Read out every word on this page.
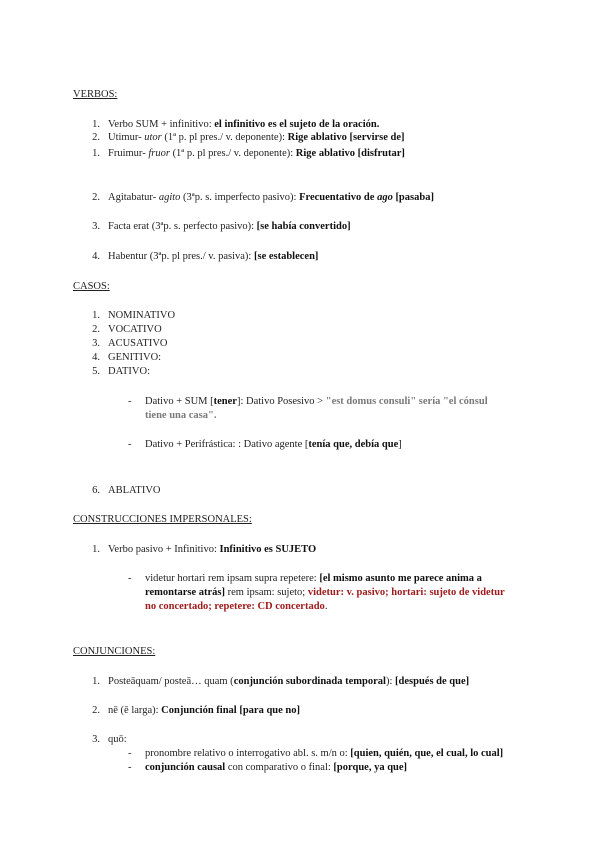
VERBOS:
1. Verbo SUM + infinitivo: el infinitivo es el sujeto de la oración.
2. Utimur- utor (1ª p. pl pres./ v. deponente): Rige ablativo [servirse de]
1. Fruimur- fruor (1ª p. pl pres./ v. deponente): Rige ablativo [disfrutar]
2. Agitabatur- agito (3ªp. s. imperfecto pasivo): Frecuentativo de ago [pasaba]
3. Facta erat (3ªp. s. perfecto pasivo): [se había convertido]
4. Habentur (3ªp. pl pres./ v. pasiva): [se establecen]
CASOS:
1. NOMINATIVO
2. VOCATIVO
3. ACUSATIVO
4. GENITIVO:
5. DATIVO:
- Dativo + SUM [tener]: Dativo Posesivo > "est domus consuli" sería "el cónsul
tiene una casa".
- Dativo + Perifrástica: : Dativo agente [tenía que, debía que]
6. ABLATIVO
CONSTRUCCIONES IMPERSONALES:
1. Verbo pasivo + Infinitivo: Infinitivo es SUJETO
- videtur hortari rem ipsam supra repetere: [el mismo asunto me parece anima a
remontarse atrás] rem ipsam: sujeto; videtur: v. pasivo; hortari: sujeto de videtur
no concertado; repetere: CD concertado.
CONJUNCIONES:
1. Posteāquam/ posteā… quam (conjunción subordinada temporal): [después de que]
2. nē (ē larga): Conjunción final [para que no]
3. quō:
- pronombre relativo o interrogativo abl. s. m/n o: [quien, quién, que, el cual, lo cual]
- conjunción causal con comparativo o final: [porque, ya que]
